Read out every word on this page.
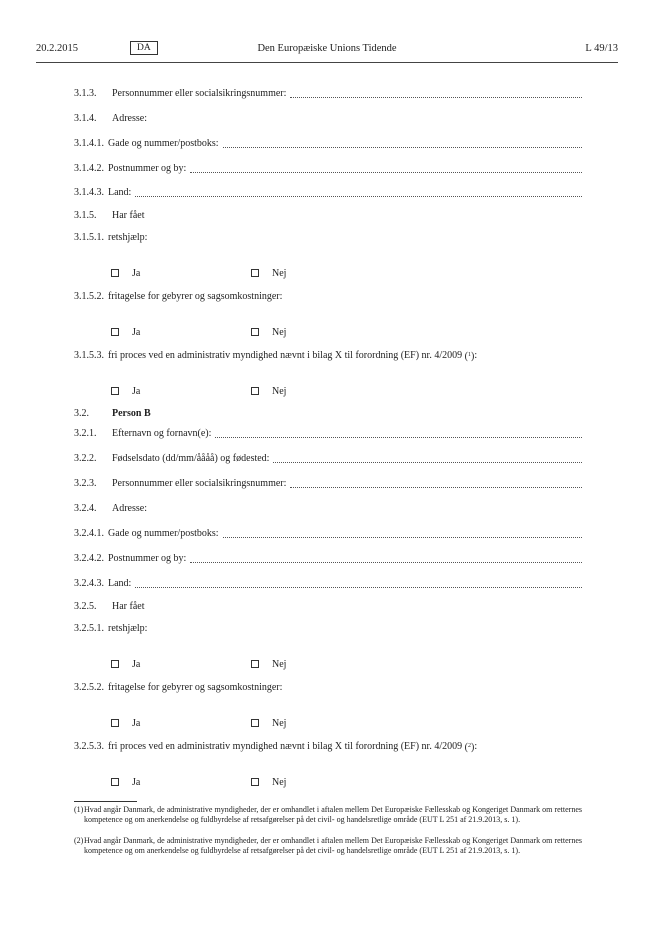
20.2.2015	DA	Den Europæiske Unions Tidende	L 49/13
3.1.3.	Personnummer eller socialsikringsnummer:
3.1.4.	Adresse:
3.1.4.1. Gade og nummer/postboks:
3.1.4.2. Postnummer og by:
3.1.4.3. Land:
3.1.5.	Har fået
3.1.5.1. retshjælp:
Ja	Nej
3.1.5.2. fritagelse for gebyrer og sagsomkostninger:
Ja	Nej
3.1.5.3. fri proces ved en administrativ myndighed nævnt i bilag X til forordning (EF) nr. 4/2009 ($^1$) :
Ja	Nej
3.2.	Person B
3.2.1.	Efternavn og fornavn(e):
3.2.2.	Fødselsdato (dd/mm/åååå) og fødested:
3.2.3.	Personnummer eller socialsikringsnummer:
3.2.4.	Adresse:
3.2.4.1. Gade og nummer/postboks:
3.2.4.2. Postnummer og by:
3.2.4.3. Land:
3.2.5.	Har fået
3.2.5.1. retshjælp:
Ja	Nej
3.2.5.2. fritagelse for gebyrer og sagsomkostninger:
Ja	Nej
3.2.5.3. fri proces ved en administrativ myndighed nævnt i bilag X til forordning (EF) nr. 4/2009 ($^2$) :
Ja	Nej
(1) Hvad angår Danmark, de administrative myndigheder, der er omhandlet i aftalen mellem Det Europæiske Fællesskab og Kongeriget Danmark om retternes kompetence og om anerkendelse og fuldbyrdelse af retsafgørelser på det civil- og handelsretlige område (EUT L 251 af 21.9.2013, s. 1).
(2) Hvad angår Danmark, de administrative myndigheder, der er omhandlet i aftalen mellem Det Europæiske Fællesskab og Kongeriget Danmark om retternes kompetence og om anerkendelse og fuldbyrdelse af retsafgørelser på det civil- og handelsretlige område (EUT L 251 af 21.9.2013, s. 1).
